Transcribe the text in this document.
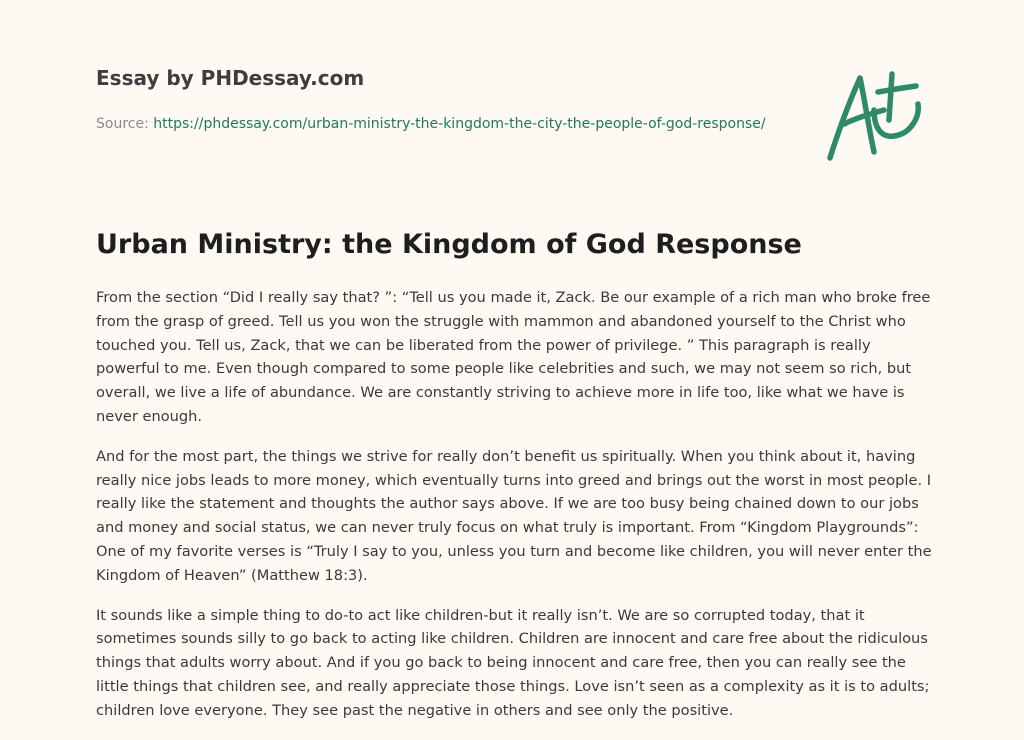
Essay by PHDessay.com
Source: https://phdessay.com/urban-ministry-the-kingdom-the-city-the-people-of-god-response/
Urban Ministry: the Kingdom of God Response

From the section “Did I really say that? ”: “Tell us you made it, Zack. Be our example of a rich man who broke free from the grasp of greed. Tell us you won the struggle with mammon and abandoned yourself to the Christ who touched you. Tell us, Zack, that we can be liberated from the power of privilege. ” This paragraph is really powerful to me. Even though compared to some people like celebrities and such, we may not seem so rich, but overall, we live a life of abundance. We are constantly striving to achieve more in life too, like what we have is never enough.

And for the most part, the things we strive for really don’t benefit us spiritually. When you think about it, having really nice jobs leads to more money, which eventually turns into greed and brings out the worst in most people. I really like the statement and thoughts the author says above. If we are too busy being chained down to our jobs and money and social status, we can never truly focus on what truly is important. From “Kingdom Playgrounds”: One of my favorite verses is “Truly I say to you, unless you turn and become like children, you will never enter the Kingdom of Heaven” (Matthew 18:3).

It sounds like a simple thing to do-to act like children-but it really isn’t. We are so corrupted today, that it sometimes sounds silly to go back to acting like children. Children are innocent and care free about the ridiculous things that adults worry about. And if you go back to being innocent and care free, then you can really see the little things that children see, and really appreciate those things. Love isn’t seen as a complexity as it is to adults; children love everyone. They see past the negative in others and see only the positive.
